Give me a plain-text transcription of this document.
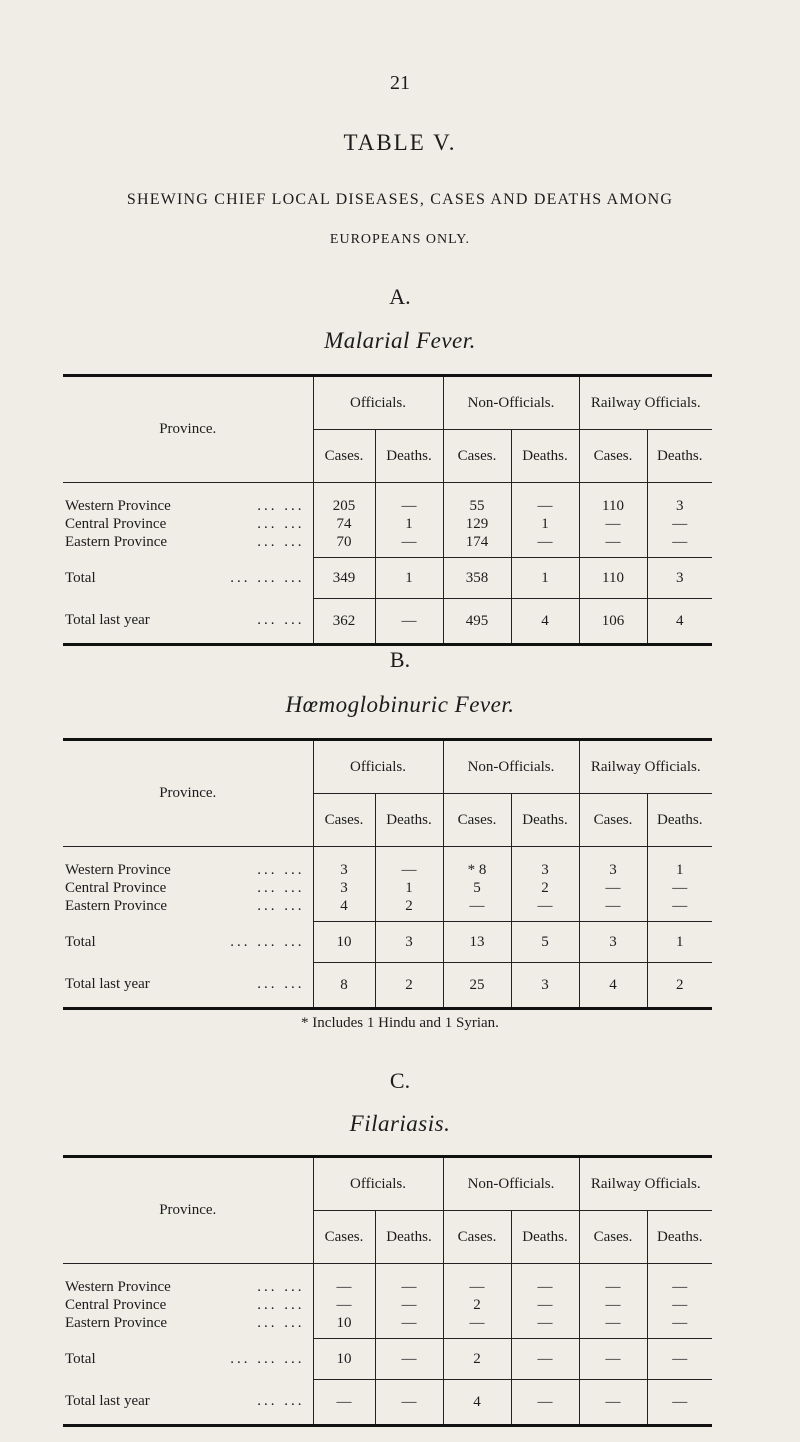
21
TABLE V.
SHEWING CHIEF LOCAL DISEASES, CASES AND DEATHS AMONG
EUROPEANS ONLY.
A.
Malarial Fever.
B.
Hœmoglobinuric Fever.
* Includes 1 Hindu and 1 Syrian.
C.
Filariasis.

Province.	Officials.		Non-Officials.		Railway Officials.	
	Cases.	Deaths.	Cases.	Deaths.	Cases.	Deaths.

Western Province ... ...	205	—	55	—	110	3
Central Province ... ...	74	1	129	1	—	—
Eastern Province ... ...	70	—	174	—	—	—

Total ... ... ...	349	1	358	1	110	3
Total last year ... ...	362	—	495	4	106	4

Province.	Officials.		Non-Officials.		Railway Officials.	
	Cases.	Deaths.	Cases.	Deaths.	Cases.	Deaths.

Western Province ... ...	3	—	* 8	3	3	1
Central Province ... ...	3	1	5	2	—	—
Eastern Province ... ...	4	2	—	—	—	—

Total ... ... ...	10	3	13	5	3	1
Total last year ... ...	8	2	25	3	4	2

Province.	Officials.		Non-Officials.		Railway Officials.	
	Cases.	Deaths.	Cases.	Deaths.	Cases.	Deaths.

Western Province ... ...	—	—	—	—	—	—
Central Province ... ...	—	—	2	—	—	—
Eastern Province ... ...	10	—	—	—	—	—

Total ... ... ...	10	—	2	—	—	—
Total last year ... ...	—	—	4	—	—	—
